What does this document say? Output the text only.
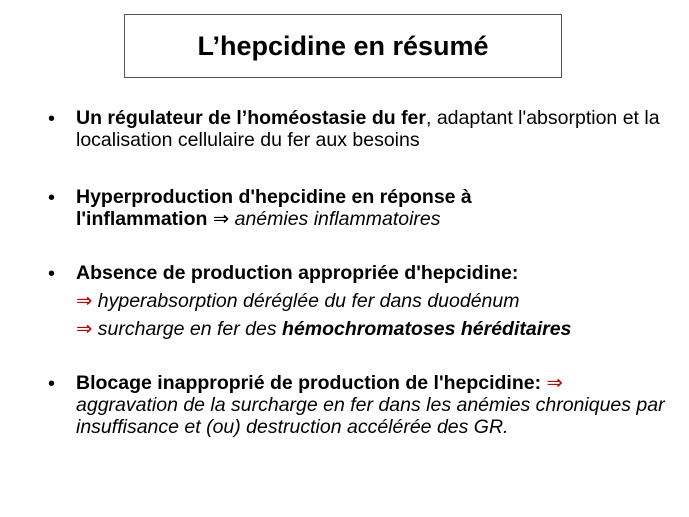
L’hepcidine en résumé
• Un régulateur de l’homéostasie du fer, adaptant l'absorption et la localisation cellulaire du fer aux besoins
• Hyperproduction d'hepcidine en réponse à l'inflammation ⇒ anémies inflammatoires
• Absence de production appropriée d'hepcidine:
⇒ hyperabsorption déréglée du fer dans duodénum
⇒ surcharge en fer des hémochromatoses héréditaires
• Blocage inapproprié de production de l'hepcidine: ⇒ aggravation de la surcharge en fer dans les anémies chroniques par insuffisance et (ou) destruction accélérée des GR.
